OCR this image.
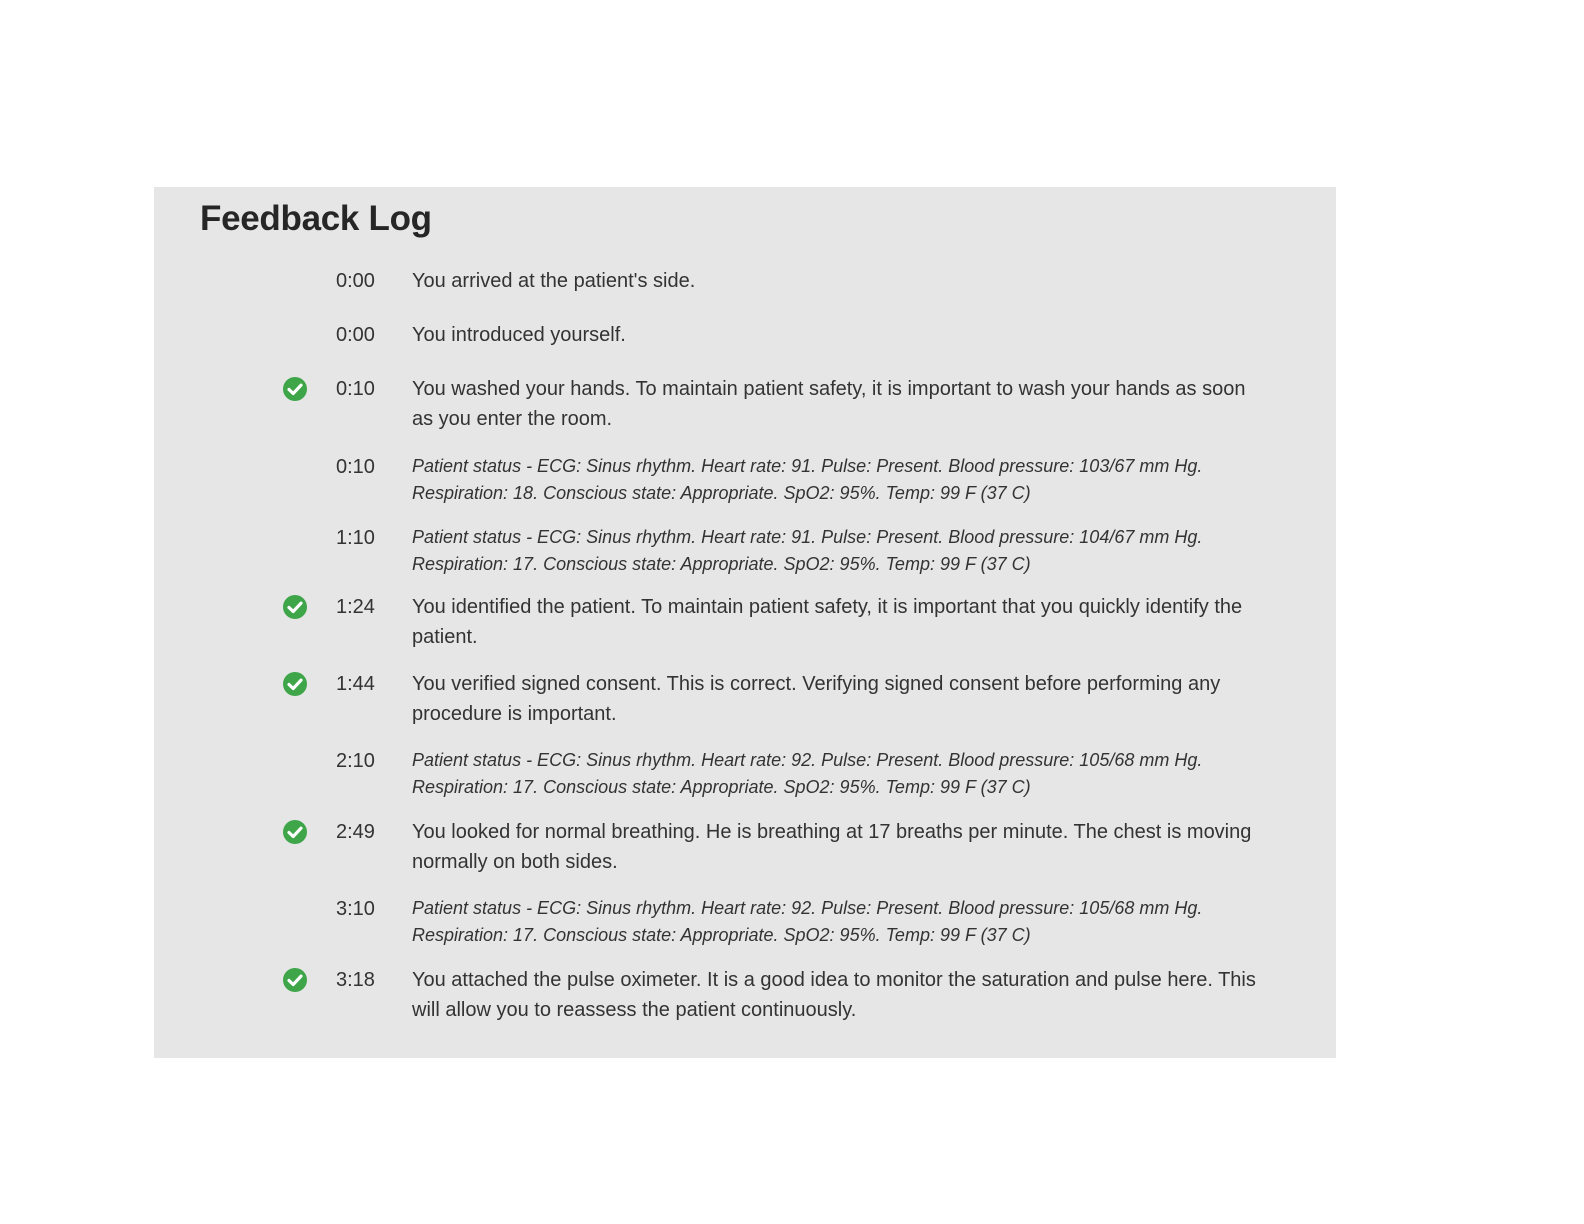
Feedback Log
0:00 You arrived at the patient's side.
0:00 You introduced yourself.
0:10 You washed your hands. To maintain patient safety, it is important to wash your hands as soon as you enter the room.
0:10 Patient status - ECG: Sinus rhythm. Heart rate: 91. Pulse: Present. Blood pressure: 103/67 mm Hg. Respiration: 18. Conscious state: Appropriate. SpO2: 95%. Temp: 99 F (37 C)
1:10 Patient status - ECG: Sinus rhythm. Heart rate: 91. Pulse: Present. Blood pressure: 104/67 mm Hg. Respiration: 17. Conscious state: Appropriate. SpO2: 95%. Temp: 99 F (37 C)
1:24 You identified the patient. To maintain patient safety, it is important that you quickly identify the patient.
1:44 You verified signed consent. This is correct. Verifying signed consent before performing any procedure is important.
2:10 Patient status - ECG: Sinus rhythm. Heart rate: 92. Pulse: Present. Blood pressure: 105/68 mm Hg. Respiration: 17. Conscious state: Appropriate. SpO2: 95%. Temp: 99 F (37 C)
2:49 You looked for normal breathing. He is breathing at 17 breaths per minute. The chest is moving normally on both sides.
3:10 Patient status - ECG: Sinus rhythm. Heart rate: 92. Pulse: Present. Blood pressure: 105/68 mm Hg. Respiration: 17. Conscious state: Appropriate. SpO2: 95%. Temp: 99 F (37 C)
3:18 You attached the pulse oximeter. It is a good idea to monitor the saturation and pulse here. This will allow you to reassess the patient continuously.
